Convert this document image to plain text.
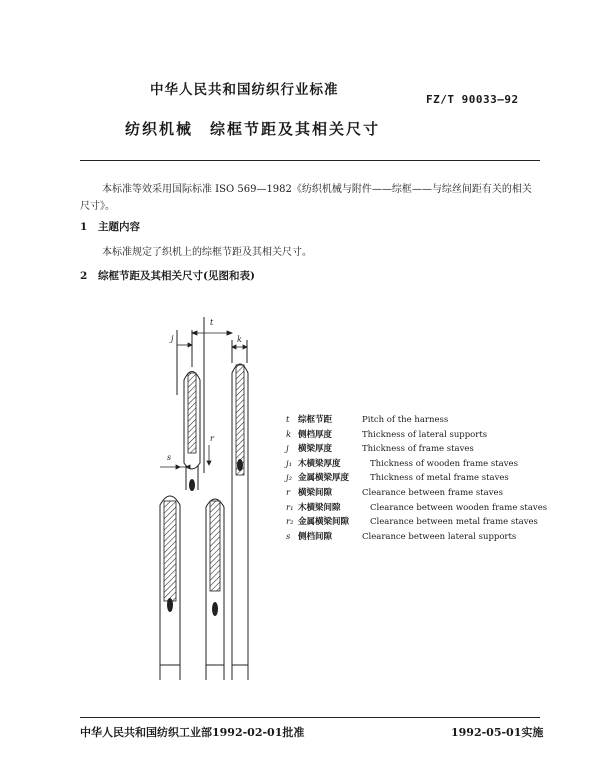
中华人民共和国纺织行业标准
FZ/T 90033—92
纺织机械　综框节距及其相关尺寸
本标准等效采用国际标准 ISO 569—1982《纺织机械与附件——综框——与综丝间距有关的相关尺寸》。
1 主题内容
本标准规定了织机上的综框节距及其相关尺寸。
2 综框节距及其相关尺寸(见图和表)
t
k
j
r
s
t 综框节距	Pitch of the harness
k 侧档厚度	Thickness of lateral supports
j 横梁厚度	Thickness of frame staves
j₁ 木横梁厚度	Thickness of wooden frame staves
j₂ 金属横梁厚度 Thickness of metal frame staves
r 横梁间隙	Clearance between frame staves
r₁ 木横梁间隙	Clearance between wooden frame staves
r₂ 金属横梁间隙 Clearance between metal frame staves
s 侧档间隙	Clearance between lateral supports
中华人民共和国纺织工业部1992-02-01批准	1992-05-01实施
